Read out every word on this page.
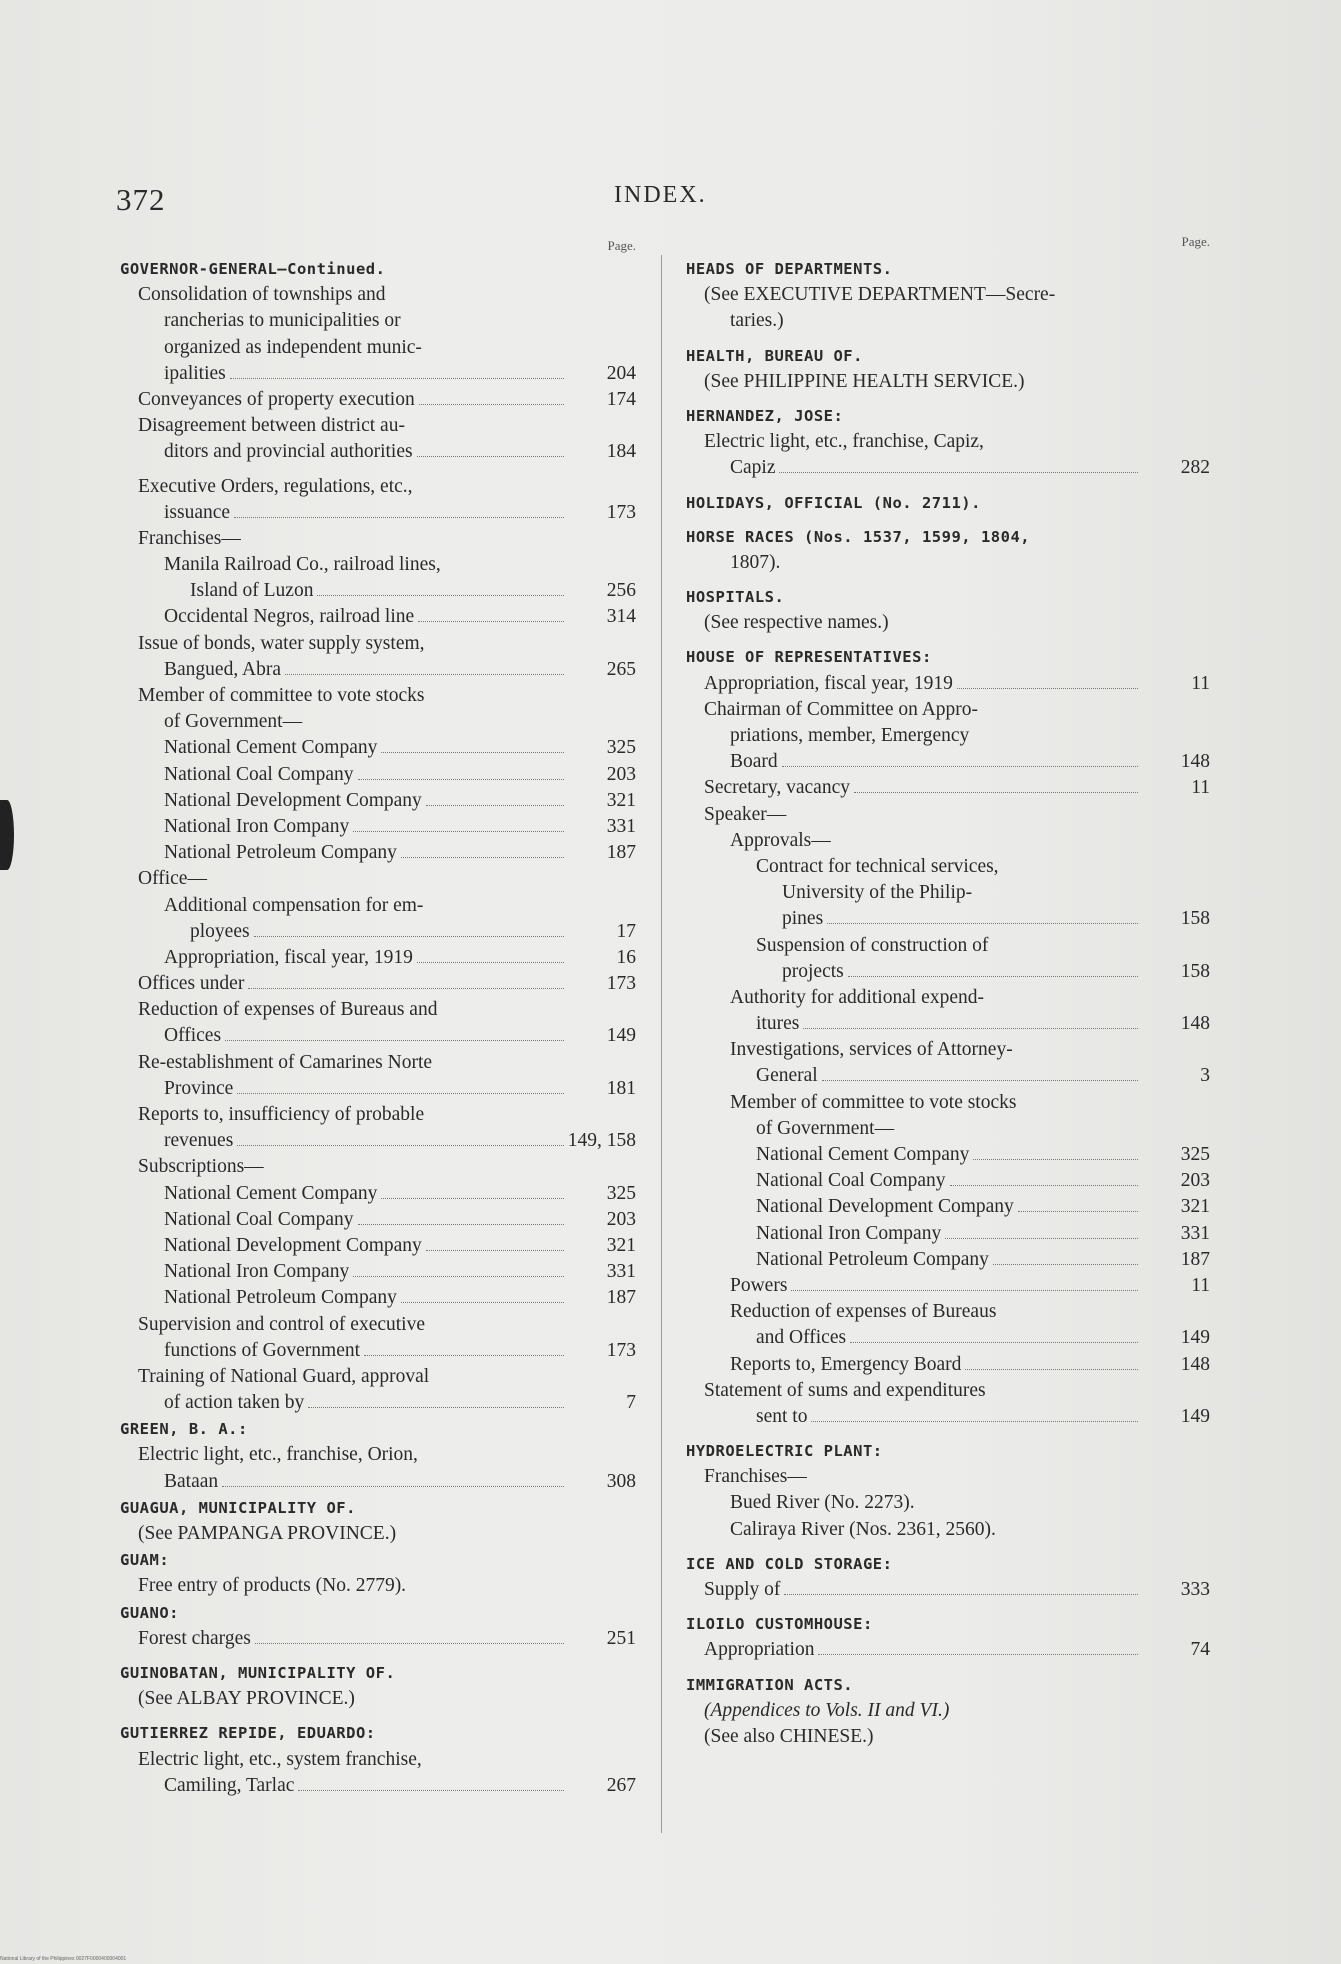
372	INDEX.
Page.
GOVERNOR-GENERAL—Continued.
Consolidation of townships and
rancherias to municipalities or
organized as independent munic-
ipalities	204
Conveyances of property execution	174
Disagreement between district au-
ditors and provincial authorities	184
Executive Orders, regulations, etc.,
issuance	173
Franchises—
Manila Railroad Co., railroad lines,
Island of Luzon	256
Occidental Negros, railroad line	314
Issue of bonds, water supply system,
Bangued, Abra	265
Member of committee to vote stocks
of Government—
National Cement Company	325
National Coal Company	203
National Development Company	321
National Iron Company	331
National Petroleum Company	187
Office—
Additional compensation for em-
ployees	17
Appropriation, fiscal year, 1919	16
Offices under	173
Reduction of expenses of Bureaus and
Offices	149
Re-establishment of Camarines Norte
Province	181
Reports to, insufficiency of probable
revenues	149, 158
Subscriptions—
National Cement Company	325
National Coal Company	203
National Development Company	321
National Iron Company	331
National Petroleum Company	187
Supervision and control of executive
functions of Government	173
Training of National Guard, approval
of action taken by	7
GREEN, B. A.:
Electric light, etc., franchise, Orion,
Bataan	308
GUAGUA, MUNICIPALITY OF.
(See PAMPANGA PROVINCE.)
GUAM:
Free entry of products (No. 2779).
GUANO:
Forest charges	251
GUINOBATAN, MUNICIPALITY OF.
(See ALBAY PROVINCE.)
GUTIERREZ REPIDE, EDUARDO:
Electric light, etc., system franchise,
Camiling, Tarlac	267
Page.
HEADS OF DEPARTMENTS.
(See EXECUTIVE DEPARTMENT—Secre-
taries.)
HEALTH, BUREAU OF.
(See PHILIPPINE HEALTH SERVICE.)
HERNANDEZ, JOSE:
Electric light, etc., franchise, Capiz,
Capiz	282
HOLIDAYS, OFFICIAL (No. 2711).
HORSE RACES (Nos. 1537, 1599, 1804,
1807).
HOSPITALS.
(See respective names.)
HOUSE OF REPRESENTATIVES:
Appropriation, fiscal year, 1919	11
Chairman of Committee on Appro-
priations, member, Emergency
Board	148
Secretary, vacancy	11
Speaker—
Approvals—
Contract for technical services,
University of the Philip-
pines	158
Suspension of construction of
projects	158
Authority for additional expend-
itures	148
Investigations, services of Attorney-
General	3
Member of committee to vote stocks
of Government—
National Cement Company	325
National Coal Company	203
National Development Company	321
National Iron Company	331
National Petroleum Company	187
Powers	11
Reduction of expenses of Bureaus
and Offices	149
Reports to, Emergency Board	148
Statement of sums and expenditures
sent to	149
HYDROELECTRIC PLANT:
Franchises—
Bued River (No. 2273).
Caliraya River (Nos. 2361, 2560).
ICE AND COLD STORAGE:
Supply of	333
ILOILO CUSTOMHOUSE:
Appropriation	74
IMMIGRATION ACTS.
(Appendices to Vols. II and VI.)
(See also CHINESE.)
National Library of the Philippines 0027F0000400004001
